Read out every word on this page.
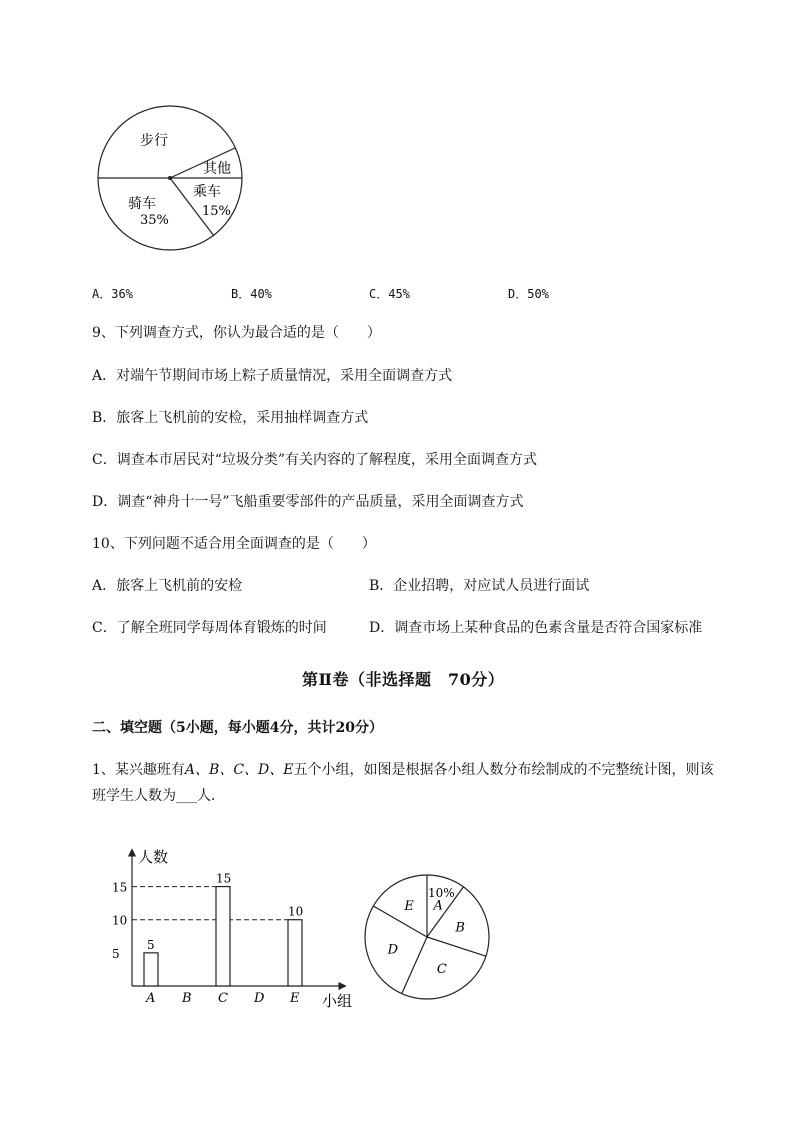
步行
其他
乘车
15%
骑车
35%
A．36%	B．40%	C．45%	D．50%
9、下列调查方式，你认为最合适的是（　　）
A．对端午节期间市场上粽子质量情况，采用全面调查方式
B．旅客上飞机前的安检，采用抽样调查方式
C．调查本市居民对“垃圾分类”有关内容的了解程度，采用全面调查方式
D．调查“神舟十一号”飞船重要零部件的产品质量，采用全面调查方式
10、下列问题不适合用全面调查的是（　　）
A．旅客上飞机前的安检	B．企业招聘，对应试人员进行面试
C．了解全班同学每周体育锻炼的时间	D．调查市场上某种食品的色素含量是否符合国家标准
第Ⅱ卷（非选择题　70分）
二、填空题（5小题，每小题4分，共计20分）
1、某兴趣班有A、B、C、D、E五个小组，如图是根据各小组人数分布绘制成的不完整统计图，则该
班学生人数为___人．
人数
小组
5
10
15
5
A B
15
C D
10
E
A
10%
B
C
D
E
